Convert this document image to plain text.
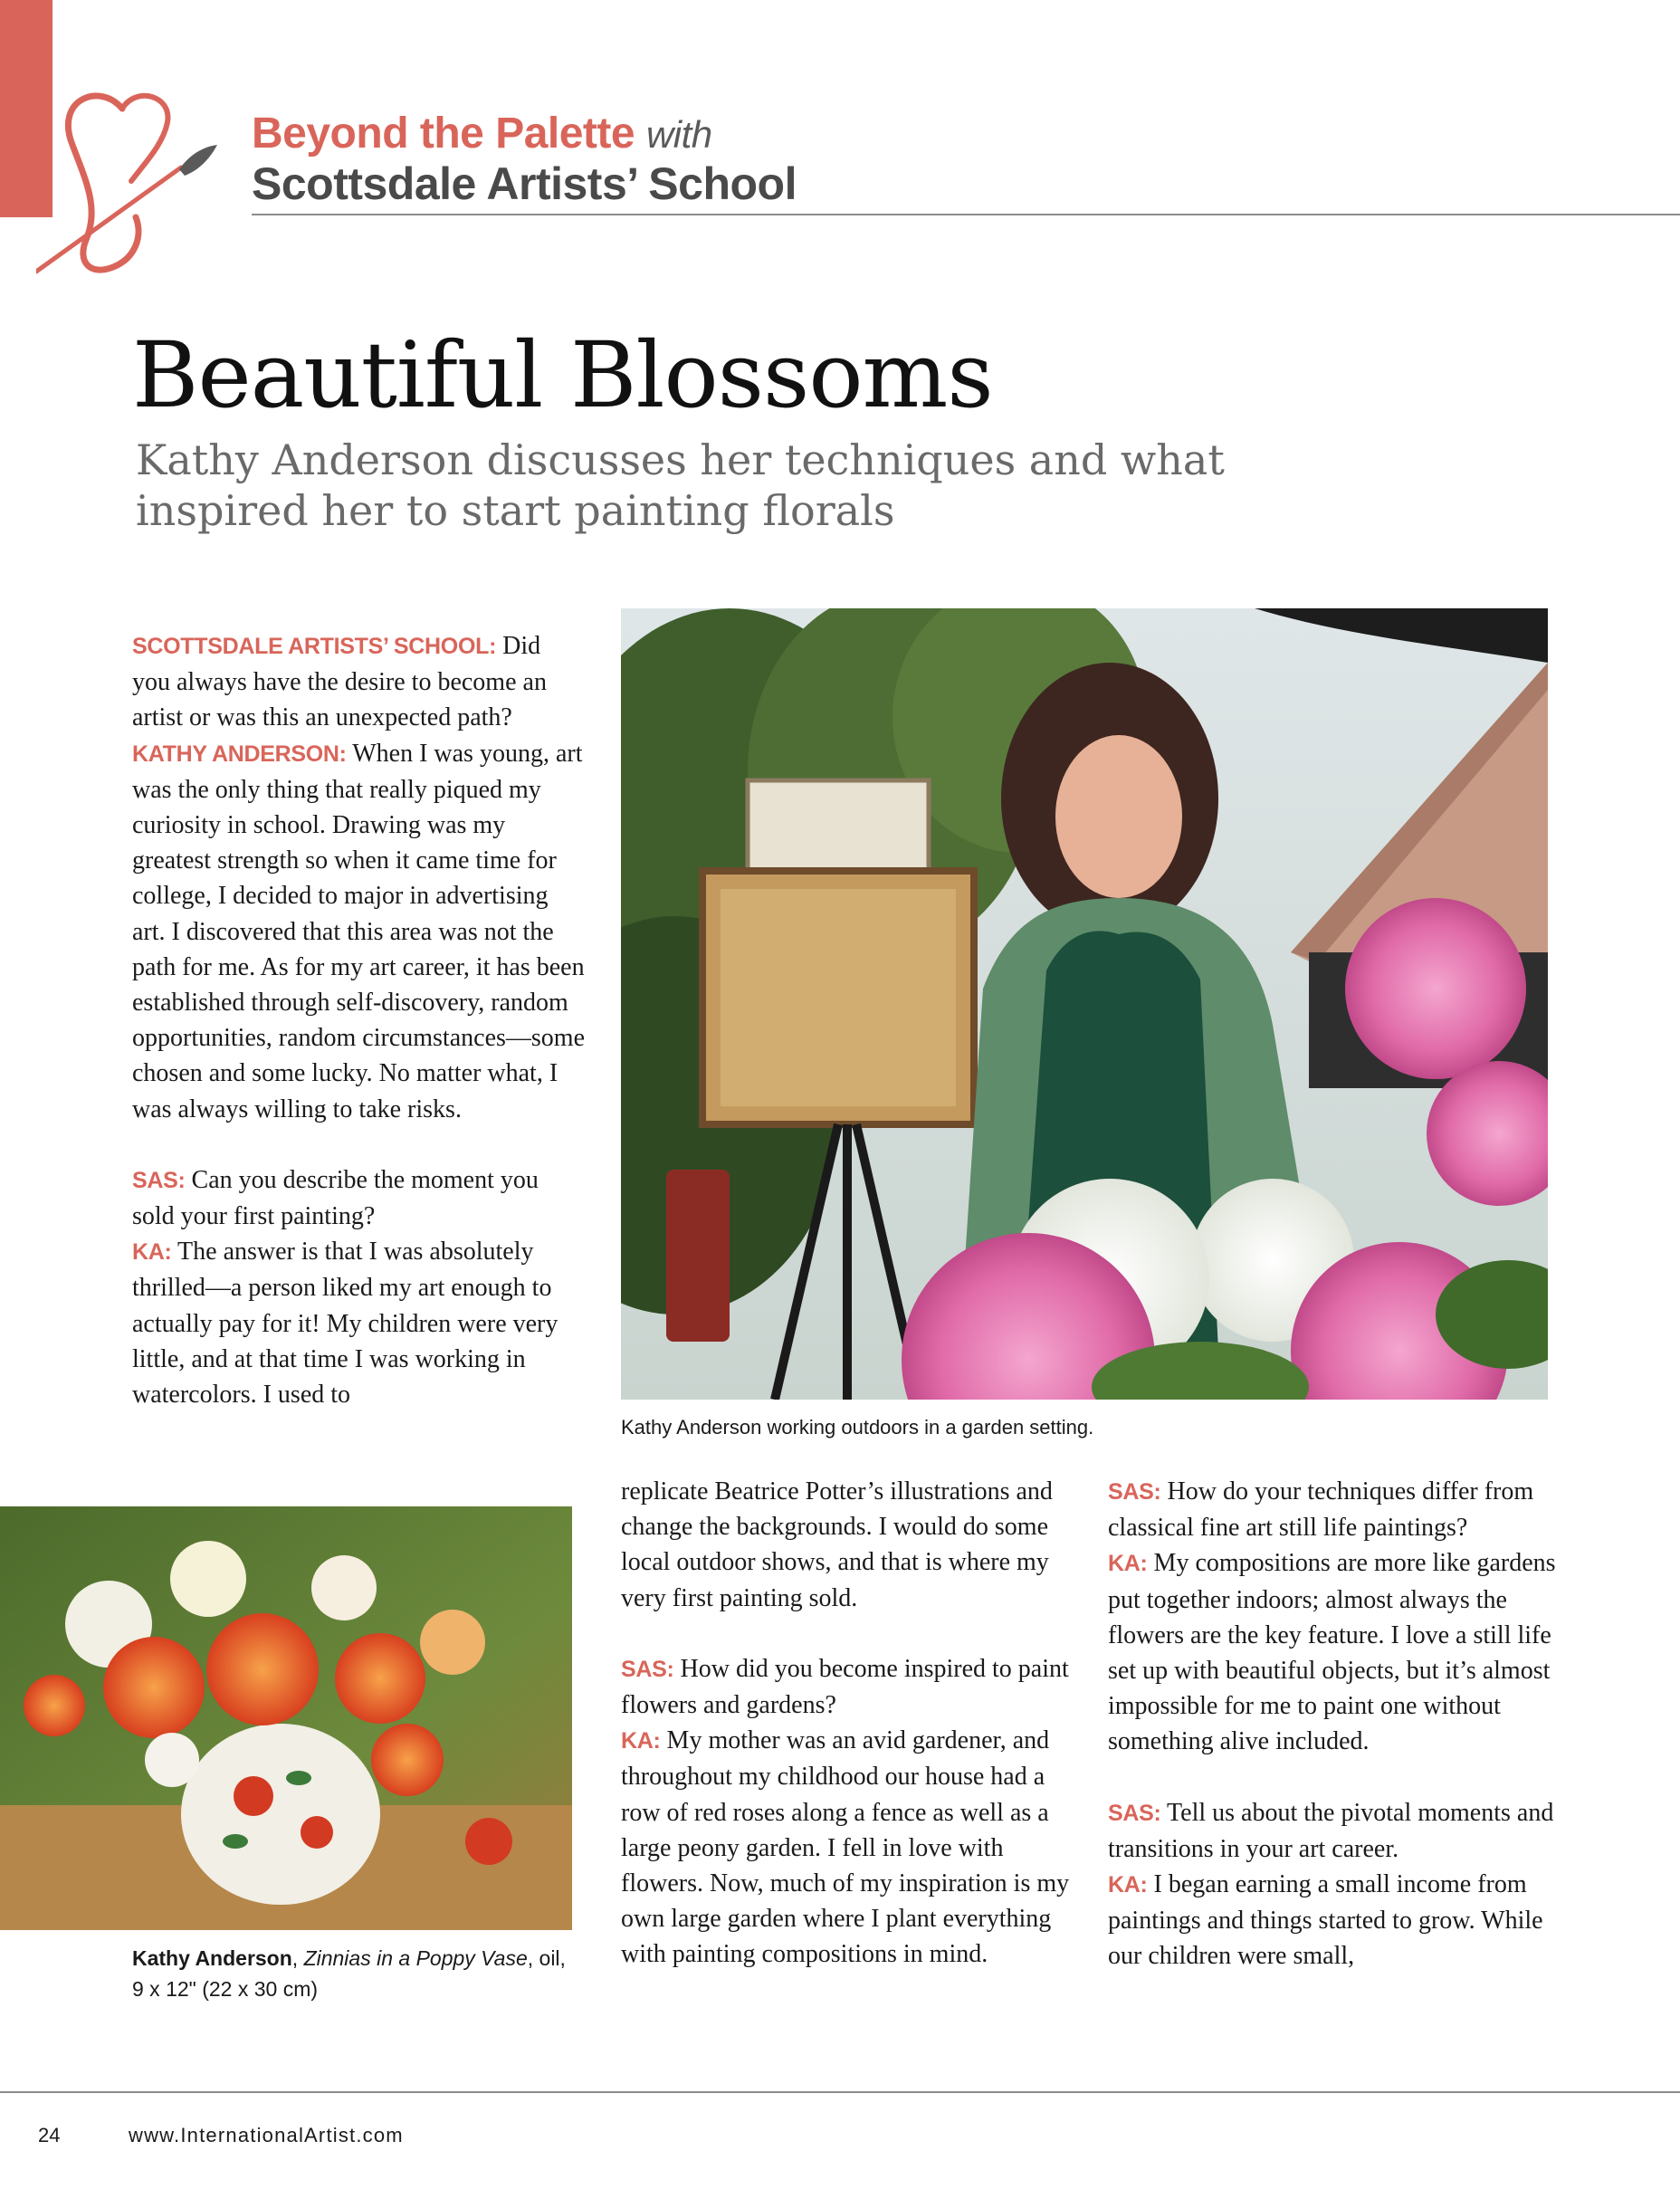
Beyond the Palette with
Scottsdale Artists’ School
Beautiful Blossoms
Kathy Anderson discusses her techniques and what inspired her to start painting florals

SCOTTSDALE ARTISTS’ SCHOOL: Did you always have the desire to become an artist or was this an unexpected path?

KATHY ANDERSON: When I was young, art was the only thing that really piqued my curiosity in school. Drawing was my greatest strength so when it came time for college, I decided to major in advertising art. I discovered that this area was not the path for me. As for my art career, it has been established through self-discovery, random opportunities, random circumstances—some chosen and some lucky. No matter what, I was always willing to take risks.

SAS: Can you describe the moment you sold your first painting?

KA: The answer is that I was absolutely thrilled—a person liked my art enough to actually pay for it! My children were very little, and at that time I was working in watercolors. I used to

Kathy Anderson working outdoors in a garden setting.
Kathy Anderson, Zinnias in a Poppy Vase, oil, 9 x 12" (22 x 30 cm)

replicate Beatrice Potter’s illustrations and change the backgrounds. I would do some local outdoor shows, and that is where my very first painting sold.

SAS: How did you become inspired to paint flowers and gardens?

KA: My mother was an avid gardener, and throughout my childhood our house had a row of red roses along a fence as well as a large peony garden. I fell in love with flowers. Now, much of my inspiration is my own large garden where I plant everything with painting compositions in mind.

SAS: How do your techniques differ from classical fine art still life paintings?

KA: My compositions are more like gardens put together indoors; almost always the flowers are the key feature. I love a still life set up with beautiful objects, but it’s almost impossible for me to paint one without something alive included.

SAS: Tell us about the pivotal moments and transitions in your art career.

KA: I began earning a small income from paintings and things started to grow. While our children were small,

24	www.InternationalArtist.com
